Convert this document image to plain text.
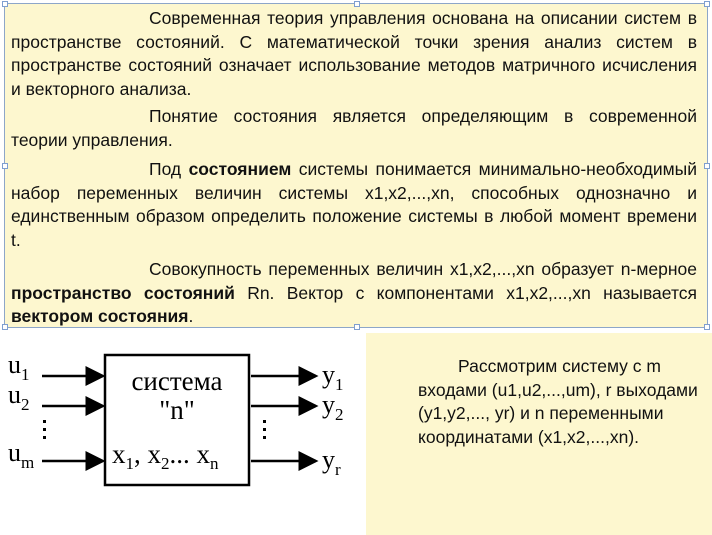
Современная теория управления основана на описании систем в пространстве состояний. С математической точки зрения анализ систем в пространстве состояний означает использование методов матричного исчисления и векторного анализа.

Понятие состояния является определяющим в современной теории управления.

Под состоянием системы понимается минимально-необходимый набор переменных величин системы x1,x2,...,xn, способных однозначно и единственным образом определить положение системы в любой момент времени t.

Совокупность переменных величин x1,x2,...,xn образует n-мерное пространство состояний Rn. Вектор с компонентами x1,x2,...,xn называется вектором состояния.

система
"n"
$x_1$, $x_2$... $x_n$
$u_1$
$u_2$
$u_m$
$y_1$
$y_2$
$y_r$

Рассмотрим систему с m входами (u1,u2,...,um), r выходами (y1,y2,..., yr) и n переменными координатами (x1,x2,...,xn).
